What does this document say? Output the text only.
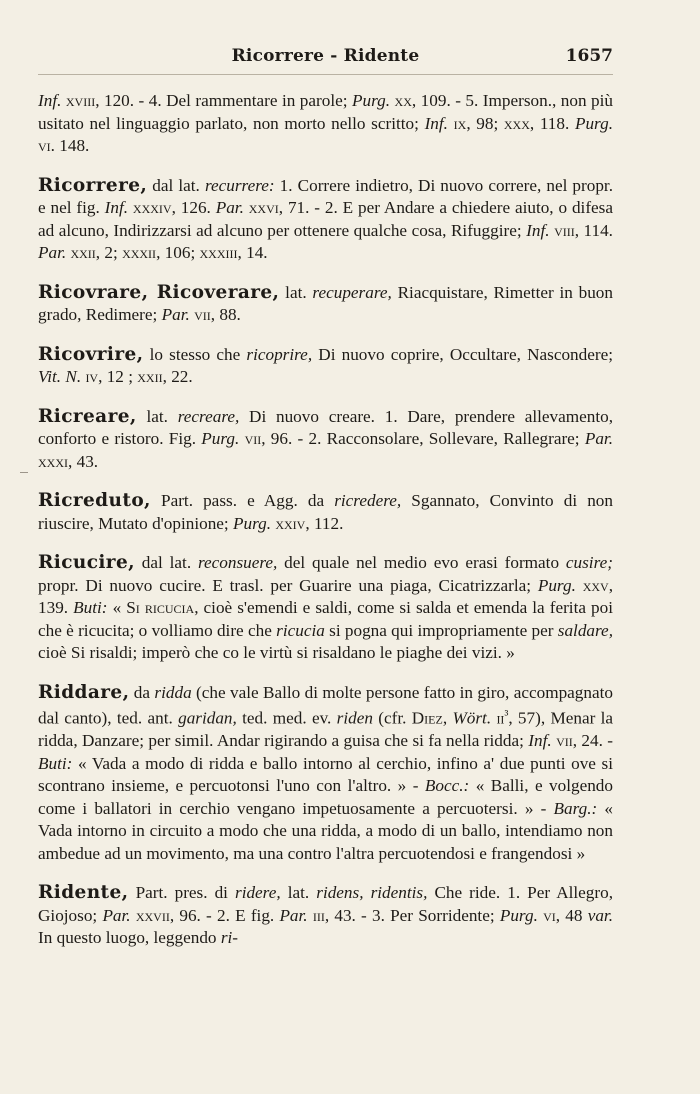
Ricorrere - Ridente	1657

Inf. xviii, 120. - 4. Del rammentare in parole; Purg. xx, 109. - 5. Imperson., non più usitato nel linguaggio parlato, non morto nello scritto; Inf. ix, 98; xxx, 118. Purg. vi. 148.

Ricorrere, dal lat. recurrere: 1. Correre indietro, Di nuovo correre, nel propr. e nel fig. Inf. xxxiv, 126. Par. xxvi, 71. - 2. E per Andare a chiedere aiuto, o difesa ad alcuno, Indirizzarsi ad alcuno per ottenere qualche cosa, Rifuggire; Inf. viii, 114. Par. xxii, 2; xxxii, 106; xxxiii, 14.

Ricovrare, Ricoverare, lat. recuperare, Riacquistare, Rimetter in buon grado, Redimere; Par. vii, 88.

Ricovrire, lo stesso che ricoprire, Di nuovo coprire, Occultare, Nascondere; Vit. N. iv, 12 ; xxii, 22.

Ricreare, lat. recreare, Di nuovo creare. 1. Dare, prendere allevamento, conforto e ristoro. Fig. Purg. vii, 96. - 2. Racconsolare, Sollevare, Rallegrare; Par. xxxi, 43.

Ricreduto, Part. pass. e Agg. da ricredere, Sgannato, Convinto di non riuscire, Mutato d'opinione; Purg. xxiv, 112.

Ricucire, dal lat. reconsuere, del quale nel medio evo erasi formato cusire; propr. Di nuovo cucire. E trasl. per Guarire una piaga, Cicatrizzarla; Purg. xxv, 139. Buti: « Si ricucia, cioè s'emendi e saldi, come si salda et emenda la ferita poi che è ricucita; o volliamo dire che ricucia si pogna qui impropriamente per saldare, cioè Si risaldi; imperò che co le virtù si risaldano le piaghe dei vizi. »

Riddare, da ridda (che vale Ballo di molte persone fatto in giro, accompagnato dal canto), ted. ant. garidan, ted. med. ev. riden (cfr. Diez, Wört. $ii^{^3}$, 57), Menar la ridda, Danzare; per simil. Andar rigirando a guisa che si fa nella ridda; Inf. vii, 24. - Buti: « Vada a modo di ridda e ballo intorno al cerchio, infino a' due punti ove si scontrano insieme, e percuotonsi l'uno con l'altro. » - Bocc.: « Balli, e volgendo come i ballatori in cerchio vengano impetuosamente a percuotersi. » - Barg.: « Vada intorno in circuito a modo che una ridda, a modo di un ballo, intendiamo non ambedue ad un movimento, ma una contro l'altra percuotendosi e frangendosi »

Ridente, Part. pres. di ridere, lat. ridens, ridentis, Che ride. 1. Per Allegro, Giojoso; Par. xxvii, 96. - 2. E fig. Par. iii, 43. - 3. Per Sorridente; Purg. vi, 48 var. In questo luogo, leggendo ri-
